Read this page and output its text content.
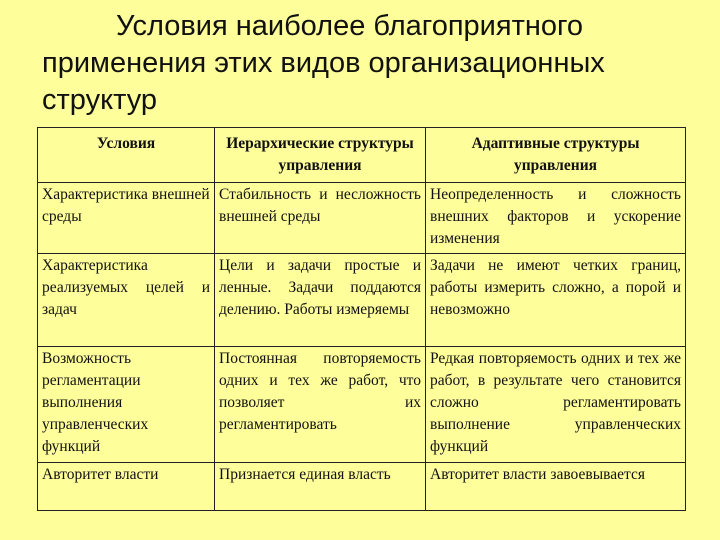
Условия наиболее благоприятного применения этих видов организационных структур
Условия	Иерархические структуры управления	Адаптивные структуры управления
Характеристика внешней среды	Стабильность и несложность внешней среды	Неопределенность и сложность внешних факторов и ускорение изменения
Характеристика реализуемых целей и задач	Цели и задачи простые и ленные. Задачи поддаются делению. Работы измеряемы	Задачи не имеют четких границ, работы измерить сложно, а порой и невозможно
Возможность регламентации выполнения управленческих функций	Постоянная повторяемость одних и тех же работ, что позволяет их регламентировать	Редкая повторяемость одних и тех же работ, в результате чего становится сложно регламентировать выполнение управленческих функций
Авторитет власти	Признается единая власть	Авторитет власти завоевывается
